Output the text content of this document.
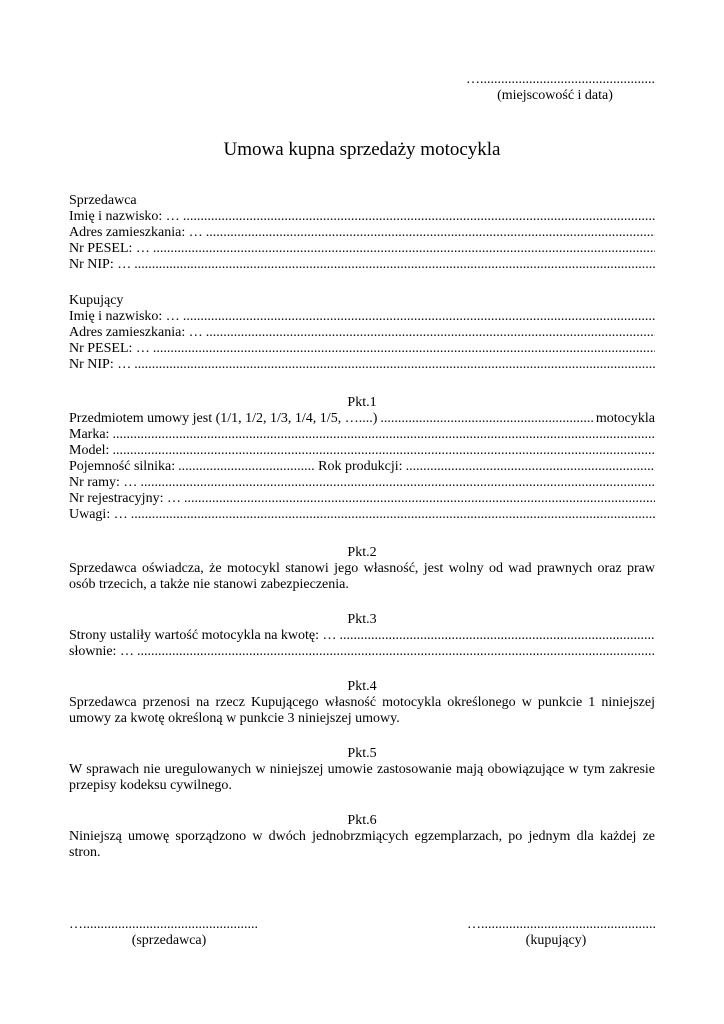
…..................................................
(miejscowość i data)
Umowa kupna sprzedaży motocykla
Sprzedawca
Imię i nazwisko: …
.....
Adres zamieszkania: …
.....
Nr PESEL: …
.....
Nr NIP: …
.....
Kupujący
Imię i nazwisko: …
.....
Adres zamieszkania: …
.....
Nr PESEL: …
.....
Nr NIP: …
.....
Pkt.1
Przedmiotem umowy jest (1/1, 1/2, 1/3, 1/4, 1/5, …....) .....	motocykla
Marka:
.....
Model:
.....
Pojemność silnika: .....	Rok produkcji:
.....
Nr ramy: …
.....
Nr rejestracyjny: …
.....
Uwagi: …
.....
Pkt.2
Sprzedawca oświadcza, że motocykl stanowi jego własność, jest wolny od wad prawnych oraz praw osób trzecich, a także nie stanowi zabezpieczenia.
Pkt.3
Strony ustaliły wartość motocykla na kwotę: …
.....
słownie: …
.....
Pkt.4
Sprzedawca przenosi na rzecz Kupującego własność motocykla określonego w punkcie 1 niniejszej umowy za kwotę określoną w punkcie 3 niniejszej umowy.
Pkt.5
W sprawach nie uregulowanych w niniejszej umowie zastosowanie mają obowiązujące w tym zakresie przepisy kodeksu cywilnego.
Pkt.6
Niniejszą umowę sporządzono w dwóch jednobrzmiących egzemplarzach, po jednym dla każdej ze stron.
…..................................................
(sprzedawca)
…..................................................
(kupujący)
